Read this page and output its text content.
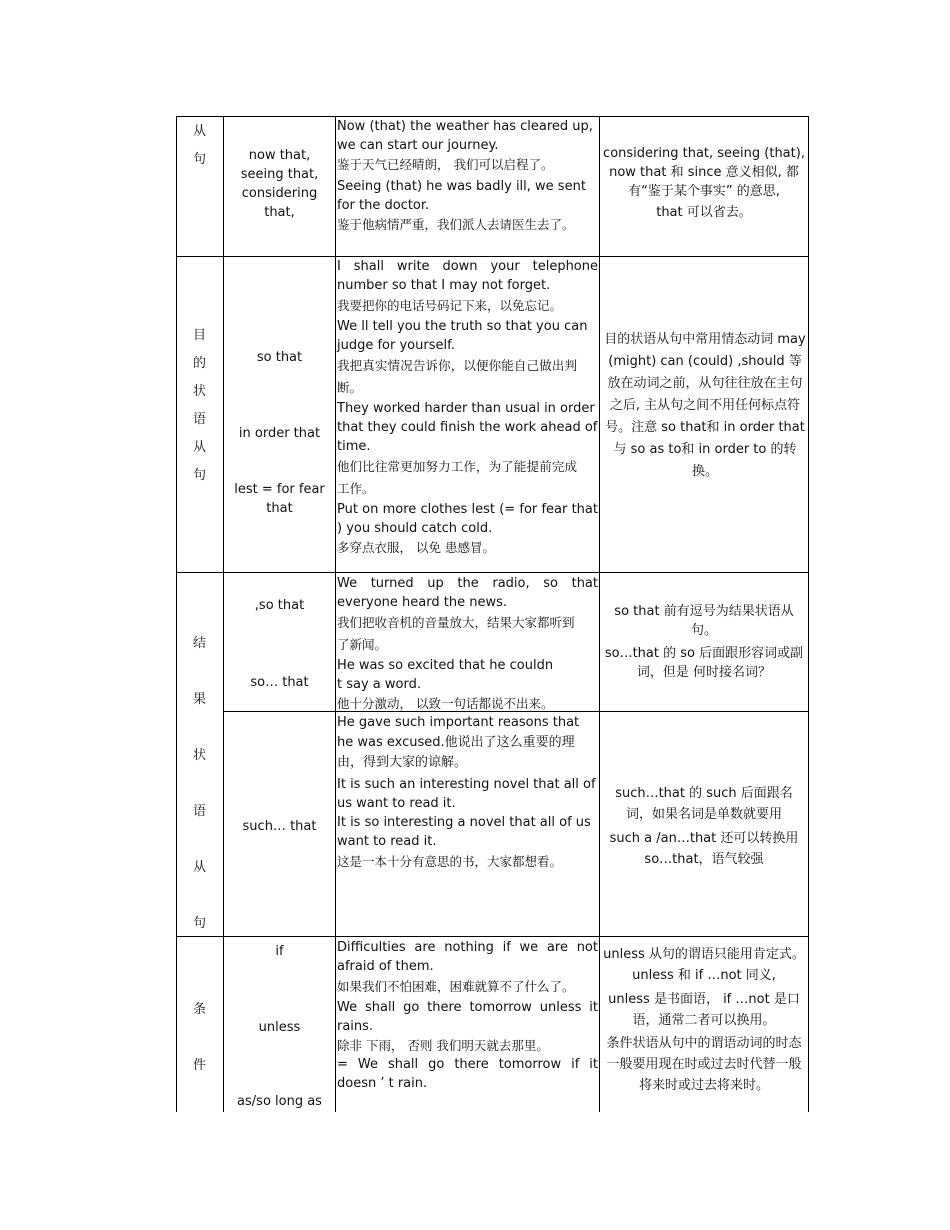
从
句	now that,

seeing that,

considering

that,

Now (that) the weather has cleared up, we can start our journey.

鉴于天气已经晴朗， 我们可以启程了。

Seeing (that) he was badly ill, we sent for the doctor.

鉴于他病情严重，我们派人去请医生去了。

considering that, seeing (that), now that 和 since 意义相似, 都有“鉴于某个事实” 的意思,

that 可以省去。

目
的
状
语
从
句

so that

in order that

lest = for fear that

I shall write down your telephone number so that I may not forget.

我要把你的电话号码记下来，以免忘记。

We ll tell you the truth so that you can judge for yourself.

我把真实情况告诉你，以便你能自己做出判断。

They worked harder than usual in order that they could finish the work ahead of time.

他们比往常更加努力工作，为了能提前完成工作。

Put on more clothes lest (= for fear that ) you should catch cold.

多穿点衣服， 以免 患感冒。

目的状语从句中常用情态动词 may (might) can (could) ,should 等放在动词之前，从句往往放在主句之后, 主从句之间不用任何标点符号。注意 so that和 in order that与 so as to和 in order to 的转换。

结
果
状
语
从
句

,so that

so… that

We turned up the radio, so that everyone heard the news.

我们把收音机的音量放大，结果大家都听到了新闻。

He was so excited that he couldn t say a word.

他十分激动， 以致一句话都说不出来。

so that 前有逗号为结果状语从句。

so…that 的 so 后面跟形容词或副词，但是 何时接名词？

such… that

He gave such important reasons that he was excused.他说出了这么重要的理由，得到大家的谅解。

It is such an interesting novel that all of us want to read it.

It is so interesting a novel that all of us want to read it.

这是一本十分有意思的书，大家都想看。

such…that 的 such 后面跟名词，如果名词是单数就要用

such a /an…that 还可以转换用 so…that，语气较强

条
件

if

unless

as/so long as

Difficulties are nothing if we are not afraid of them.

如果我们不怕困难，困难就算不了什么了。

We shall go there tomorrow unless it rains.

除非 下雨， 否则 我们明天就去那里。

= We shall go there tomorrow if it doesn ’ t rain.

unless 从句的谓语只能用肯定式。 unless 和 if …not 同义,

unless 是书面语， if …not 是口语，通常二者可以换用。

条件状语从句中的谓语动词的时态一般要用现在时或过去时代替一般将来时或过去将来时。
